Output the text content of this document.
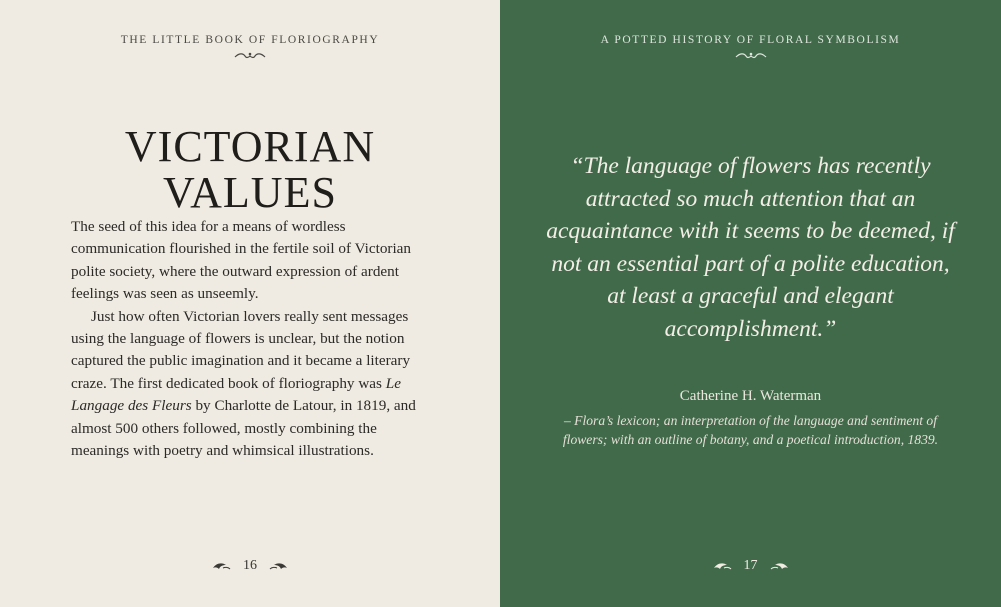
THE LITTLE BOOK OF FLORIOGRAPHY
VICTORIAN
VALUES

The seed of this idea for a means of wordless communication flourished in the fertile soil of Victorian polite society, where the outward expression of ardent feelings was seen as unseemly.

Just how often Victorian lovers really sent messages using the language of flowers is unclear, but the notion captured the public imagination and it became a literary craze. The first dedicated book of floriography was Le Langage des Fleurs by Charlotte de Latour, in 1819, and almost 500 others followed, mostly combining the meanings with poetry and whimsical illustrations.

16
A POTTED HISTORY OF FLORAL SYMBOLISM
“The language of flowers has recently attracted so much attention that an acquaintance with it seems to be deemed, if not an essential part of a polite education, at least a graceful and elegant accomplishment.”
Catherine H. Waterman
– Flora’s lexicon; an interpretation of the language and sentiment of flowers; with an outline of botany, and a poetical introduction, 1839.
17
